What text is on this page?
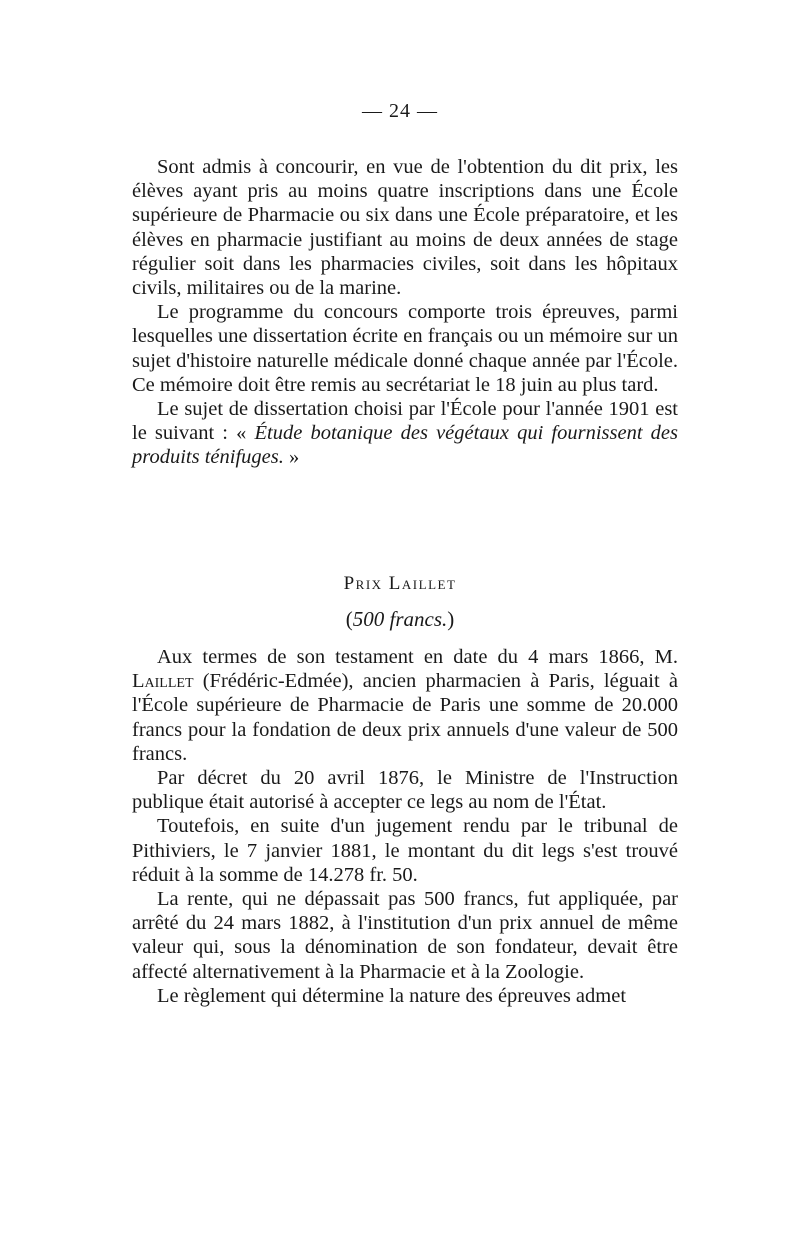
— 24 —

Sont admis à concourir, en vue de l'obtention du dit prix, les élèves ayant pris au moins quatre inscriptions dans une École supérieure de Pharmacie ou six dans une École préparatoire, et les élèves en pharmacie justifiant au moins de deux années de stage régulier soit dans les pharmacies civiles, soit dans les hôpitaux civils, militaires ou de la marine.

Le programme du concours comporte trois épreuves, parmi lesquelles une dissertation écrite en français ou un mémoire sur un sujet d'histoire naturelle médicale donné chaque année par l'École. Ce mémoire doit être remis au secrétariat le 18 juin au plus tard.

Le sujet de dissertation choisi par l'École pour l'année 1901 est le suivant : « Étude botanique des végétaux qui fournissent des produits ténifuges. »

Prix Laillet
(500 francs.)

Aux termes de son testament en date du 4 mars 1866, M. Laillet (Frédéric-Edmée), ancien pharmacien à Paris, léguait à l'École supérieure de Pharmacie de Paris une somme de 20.000 francs pour la fondation de deux prix annuels d'une valeur de 500 francs.

Par décret du 20 avril 1876, le Ministre de l'Instruction publique était autorisé à accepter ce legs au nom de l'État.

Toutefois, en suite d'un jugement rendu par le tribunal de Pithiviers, le 7 janvier 1881, le montant du dit legs s'est trouvé réduit à la somme de 14.278 fr. 50.

La rente, qui ne dépassait pas 500 francs, fut appliquée, par arrêté du 24 mars 1882, à l'institution d'un prix annuel de même valeur qui, sous la dénomination de son fondateur, devait être affecté alternativement à la Pharmacie et à la Zoologie.

Le règlement qui détermine la nature des épreuves admet
